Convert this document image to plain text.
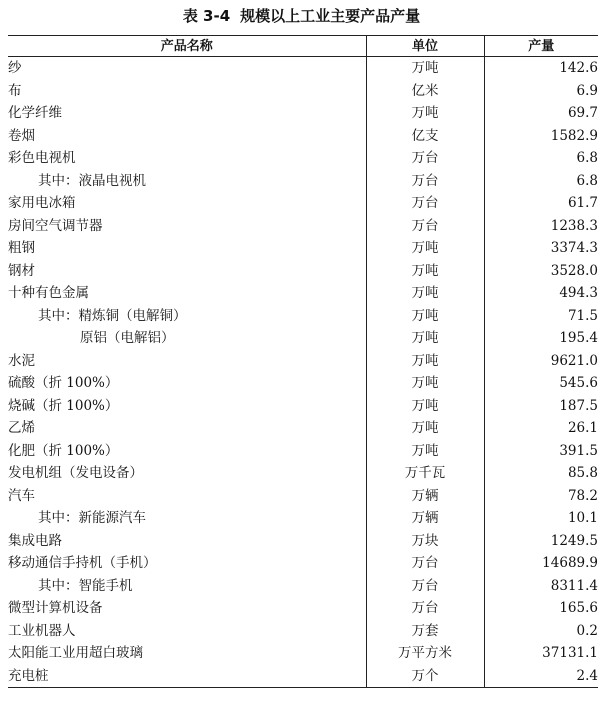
表 3-4 规模以上工业主要产品产量
产品名称	单位	产量
纱	万吨	142.6
布	亿米	6.9
化学纤维	万吨	69.7
卷烟	亿支	1582.9
彩色电视机	万台	6.8
其中：液晶电视机	万台	6.8
家用电冰箱	万台	61.7
房间空气调节器	万台	1238.3
粗钢	万吨	3374.3
钢材	万吨	3528.0
十种有色金属	万吨	494.3
其中：精炼铜（电解铜）	万吨	71.5
原铝（电解铝）	万吨	195.4
水泥	万吨	9621.0
硫酸（折 100%）	万吨	545.6
烧碱（折 100%）	万吨	187.5
乙烯	万吨	26.1
化肥（折 100%）	万吨	391.5
发电机组（发电设备）	万千瓦	85.8
汽车	万辆	78.2
其中：新能源汽车	万辆	10.1
集成电路	万块	1249.5
移动通信手持机（手机）	万台	14689.9
其中：智能手机	万台	8311.4
微型计算机设备	万台	165.6
工业机器人	万套	0.2
太阳能工业用超白玻璃	万平方米	37131.1
充电桩	万个	2.4
